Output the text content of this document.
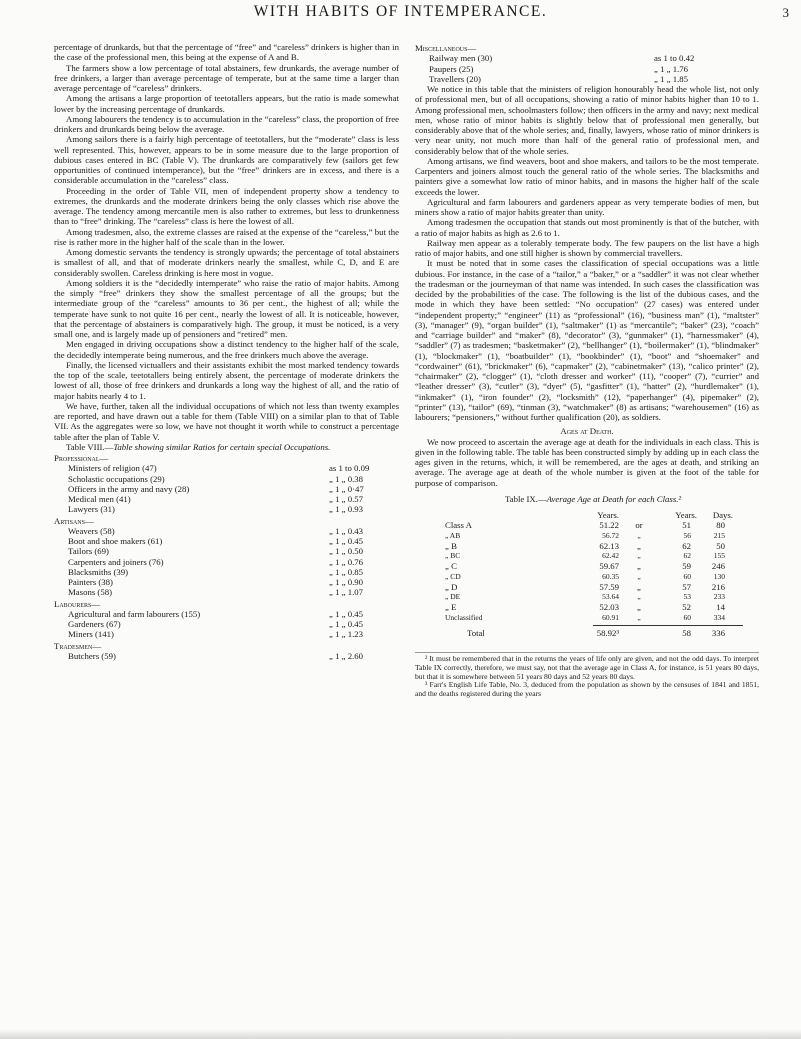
WITH HABITS OF INTEMPERANCE.	3

percentage of drunkards, but that the percentage of “free” and “careless” drinkers is higher than in the case of the professional men, this being at the expense of A and B.

The farmers show a low percentage of total abstainers, few drunkards, the average number of free drinkers, a larger than average percentage of temperate, but at the same time a larger than average percentage of “careless” drinkers.

Among the artisans a large proportion of teetotallers appears, but the ratio is made somewhat lower by the increasing percentage of drunkards.

Among labourers the tendency is to accumulation in the “careless” class, the proportion of free drinkers and drunkards being below the average.

Among sailors there is a fairly high percentage of teetotallers, but the “moderate” class is less well represented. This, however, appears to be in some measure due to the large proportion of dubious cases entered in BC (Table V). The drunkards are comparatively few (sailors get few opportunities of continued intemperance), but the “free” drinkers are in excess, and there is a considerable accumulation in the “careless” class.

Proceeding in the order of Table VII, men of independent property show a tendency to extremes, the drunkards and the moderate drinkers being the only classes which rise above the average. The tendency among mercantile men is also rather to extremes, but less to drunkenness than to “free” drinking. The “careless” class is here the lowest of all.

Among tradesmen, also, the extreme classes are raised at the expense of the “careless,” but the rise is rather more in the higher half of the scale than in the lower.

Among domestic servants the tendency is strongly upwards; the percentage of total abstainers is smallest of all, and that of moderate drinkers nearly the smallest, while C, D, and E are considerably swollen. Careless drinking is here most in vogue.

Among soldiers it is the “decidedly intemperate” who raise the ratio of major habits. Among the simply “free” drinkers they show the smallest percentage of all the groups; but the intermediate group of the “careless” amounts to 36 per cent., the highest of all; while the temperate have sunk to not quite 16 per cent., nearly the lowest of all. It is noticeable, however, that the percentage of abstainers is comparatively high. The group, it must be noticed, is a very small one, and is largely made up of pensioners and “retired” men.

Men engaged in driving occupations show a distinct tendency to the higher half of the scale, the decidedly intemperate being numerous, and the free drinkers much above the average.

Finally, the licensed victuallers and their assistants exhibit the most marked tendency towards the top of the scale, teetotallers being entirely absent, the percentage of moderate drinkers the lowest of all, those of free drinkers and drunkards a long way the highest of all, and the ratio of major habits nearly 4 to 1.

We have, further, taken all the individual occupations of which not less than twenty examples are reported, and have drawn out a table for them (Table VIII) on a similar plan to that of Table VII. As the aggregates were so low, we have not thought it worth while to construct a percentage table after the plan of Table V.

Table VIII.—Table showing similar Ratios for certain special Occupations.

Professional—
Ministers of religion (47)	as 1 to 0.09
Scholastic occupations (29)	„ 1 „ 0.38
Officers in the army and navy (28)	„ 1 „ 0·47
Medical men (41)	„ 1 „ 0.57
Lawyers (31)	„ 1 „ 0.93
Artisans—
Weavers (58)	„ 1 „ 0.43
Boot and shoe makers (61)	„ 1 „ 0.45
Tailors (69)	„ 1 „ 0.50
Carpenters and joiners (76)	„ 1 „ 0.76
Blacksmiths (39)	„ 1 „ 0.85
Painters (38)	„ 1 „ 0.90
Masons (58)	„ 1 „ 1.07
Labourers—
Agricultural and farm labourers (155)	„ 1 „ 0.45
Gardeners (67)	„ 1 „ 0.45
Miners (141)	„ 1 „ 1.23
Tradesmen—
Butchers (59)	„ 1 „ 2.60
Miscellaneous—
Railway men (30)	as 1 to 0.42
Paupers (25)	„ 1 „ 1.76
Travellers (20)	„ 1 „ 1.85

We notice in this table that the ministers of religion honourably head the whole list, not only of professional men, but of all occupations, showing a ratio of minor habits higher than 10 to 1. Among professional men, schoolmasters follow; then officers in the army and navy; next medical men, whose ratio of minor habits is slightly below that of professional men generally, but considerably above that of the whole series; and, finally, lawyers, whose ratio of minor drinkers is very near unity, not much more than half of the general ratio of professional men, and considerably below that of the whole series.

Among artisans, we find weavers, boot and shoe makers, and tailors to be the most temperate. Carpenters and joiners almost touch the general ratio of the whole series. The blacksmiths and painters give a somewhat low ratio of minor habits, and in masons the higher half of the scale exceeds the lower.

Agricultural and farm labourers and gardeners appear as very temperate bodies of men, but miners show a ratio of major habits greater than unity.

Among tradesmen the occupation that stands out most prominently is that of the butcher, with a ratio of major habits as high as 2.6 to 1.

Railway men appear as a tolerably temperate body. The few paupers on the list have a high ratio of major habits, and one still higher is shown by commercial travellers.

It must be noted that in some cases the classification of special occupations was a little dubious. For instance, in the case of a “tailor,” a “baker,” or a “saddler” it was not clear whether the tradesman or the journeyman of that name was intended. In such cases the classification was decided by the probabilities of the case. The following is the list of the dubious cases, and the mode in which they have been settled: “No occupation” (27 cases) was entered under “independent property;” “engineer” (11) as “professional” (16), “business man” (1), “maltster” (3), “manager” (9), “organ builder” (1), “saltmaker” (1) as “mercantile”; “baker” (23), “coach” and “carriage builder” and “maker” (8), “decorator” (3), “gunmaker” (1), “harnessmaker” (4), “saddler” (7) as tradesmen; “basketmaker” (2), “bellhanger” (1), “boilermaker” (1), “blindmaker” (1), “blockmaker” (1), “boatbuilder” (1), “bookbinder” (1), “boot” and “shoemaker” and “cordwainer” (61), “brickmaker” (6), “capmaker” (2), “cabinetmaker” (13), “calico printer” (2), “chairmaker” (2), “clogger” (1), “cloth dresser and worker” (11), “cooper” (7), “currier” and “leather dresser” (3), “cutler” (3), “dyer” (5), “gasfitter” (1), “hatter” (2), “hurdlemaker” (1), “inkmaker” (1), “iron founder” (2), “locksmith” (12), “paperhanger” (4), pipemaker” (2), “printer” (13), “tailor” (69), “tinman (3), “watchmaker” (8) as artisans; “warehousemen” (16) as labourers; “pensioners,” without further qualification (20), as soldiers.

Ages at Death.

We now proceed to ascertain the average age at death for the individuals in each class. This is given in the following table. The table has been constructed simply by adding up in each class the ages given in the returns, which, it will be remembered, are the ages at death, and striking an average. The average age at death of the whole number is given at the foot of the table for purpose of comparison.

Table IX.—Average Age at Death for each Class.²

Years.	Years.	Days.
Class A	51.22	or	51	80
„ AB	56.72	„	56	215
„ B	62.13	„	62	50
„ BC	62.42	„	62	155
„ C	59.67	„	59	246
„ CD	60.35	„	60	130
„ D	57.59	„	57	216
„ DE	53.64	„	53	233
„ E	52.03	„	52	14
Unclassified	60.91	„	60	334
Total	58.92³	58	336

² It must be remembered that in the returns the years of life only are given, and not the odd days. To interpret Table IX correctly, therefore, we must say, not that the average age in Class A, for instance, is 51 years 80 days, but that it is somewhere between 51 years 80 days and 52 years 80 days.

³ Farr's English Life Table, No. 3, deduced from the population as shown by the censuses of 1841 and 1851, and the deaths registered during the years
